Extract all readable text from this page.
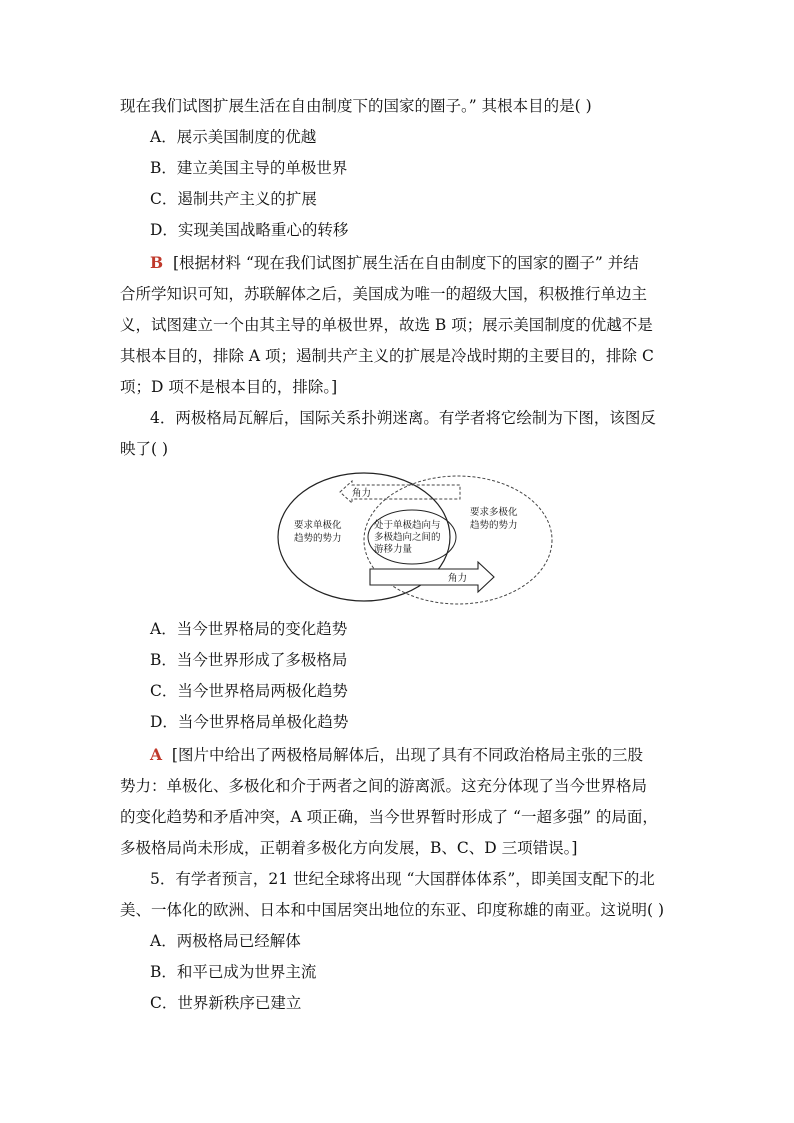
现在我们试图扩展生活在自由制度下的国家的圈子。” 其根本目的是( )
A．展示美国制度的优越
B．建立美国主导的单极世界
C．遏制共产主义的扩展
D．实现美国战略重心的转移
B [根据材料 “现在我们试图扩展生活在自由制度下的国家的圈子” 并结
合所学知识可知，苏联解体之后，美国成为唯一的超级大国，积极推行单边主
义，试图建立一个由其主导的单极世界，故选 B 项；展示美国制度的优越不是
其根本目的，排除 A 项；遏制共产主义的扩展是冷战时期的主要目的，排除 C
项；D 项不是根本目的，排除。]
4．两极格局瓦解后，国际关系扑朔迷离。有学者将它绘制为下图，该图反
映了( )
角力
要求单极化
趋势的势力
处于单极趋向与
多极趋向之间的
游移力量
要求多极化
趋势的势力
角力
A．当今世界格局的变化趋势
B．当今世界形成了多极格局
C．当今世界格局两极化趋势
D．当今世界格局单极化趋势
A [图片中给出了两极格局解体后，出现了具有不同政治格局主张的三股
势力：单极化、多极化和介于两者之间的游离派。这充分体现了当今世界格局
的变化趋势和矛盾冲突，A 项正确，当今世界暂时形成了 “一超多强” 的局面，
多极格局尚未形成，正朝着多极化方向发展，B、C、D 三项错误。]
5．有学者预言，21 世纪全球将出现 “大国群体体系”，即美国支配下的北
美、一体化的欧洲、日本和中国居突出地位的东亚、印度称雄的南亚。这说明( )
A．两极格局已经解体
B．和平已成为世界主流
C．世界新秩序已建立
